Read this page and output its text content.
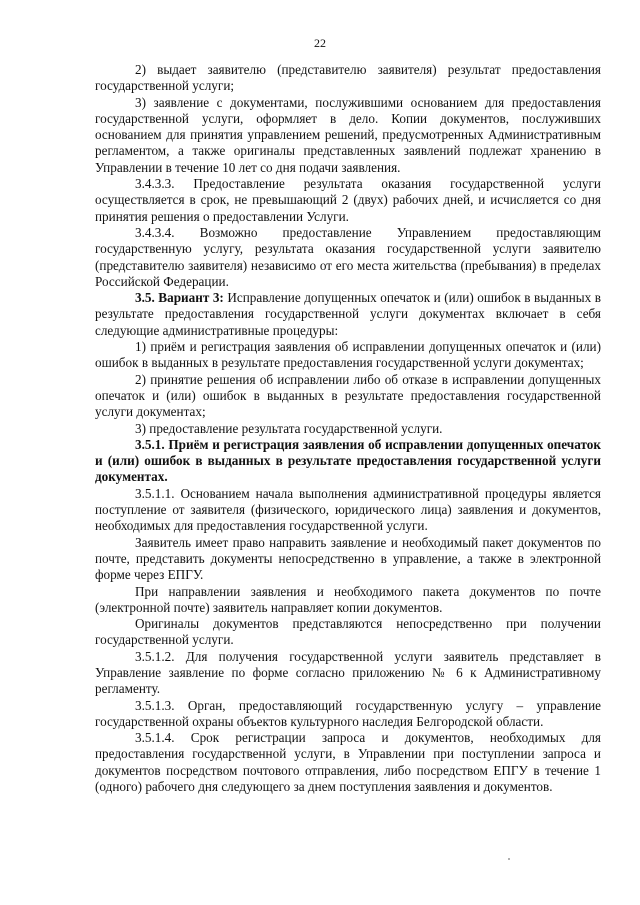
22

2) выдает заявителю (представителю заявителя) результат предоставления государственной услуги;

3) заявление с документами, послужившими основанием для предоставления государственной услуги, оформляет в дело. Копии документов, послуживших основанием для принятия управлением решений, предусмотренных Административным регламентом, а также оригиналы представленных заявлений подлежат хранению в Управлении в течение 10 лет со дня подачи заявления.

3.4.3.3. Предоставление результата оказания государственной услуги осуществляется в срок, не превышающий 2 (двух) рабочих дней, и исчисляется со дня принятия решения о предоставлении Услуги.

3.4.3.4. Возможно предоставление Управлением предоставляющим государственную услугу, результата оказания государственной услуги заявителю (представителю заявителя) независимо от его места жительства (пребывания) в пределах Российской Федерации.

3.5. Вариант 3: Исправление допущенных опечаток и (или) ошибок в выданных в результате предоставления государственной услуги документах включает в себя следующие административные процедуры:

1) приём и регистрация заявления об исправлении допущенных опечаток и (или) ошибок в выданных в результате предоставления государственной услуги документах;

2) принятие решения об исправлении либо об отказе в исправлении допущенных опечаток и (или) ошибок в выданных в результате предоставления государственной услуги документах;

3) предоставление результата государственной услуги.

3.5.1. Приём и регистрация заявления об исправлении допущенных опечаток и (или) ошибок в выданных в результате предоставления государственной услуги документах.

3.5.1.1. Основанием начала выполнения административной процедуры является поступление от заявителя (физического, юридического лица) заявления и документов, необходимых для предоставления государственной услуги.

Заявитель имеет право направить заявление и необходимый пакет документов по почте, представить документы непосредственно в управление, а также в электронной форме через ЕПГУ.

При направлении заявления и необходимого пакета документов по почте (электронной почте) заявитель направляет копии документов.

Оригиналы документов представляются непосредственно при получении государственной услуги.

3.5.1.2. Для получения государственной услуги заявитель представляет в Управление заявление по форме согласно приложению № 6 к Административному регламенту.

3.5.1.3. Орган, предоставляющий государственную услугу – управление государственной охраны объектов культурного наследия Белгородской области.

3.5.1.4. Срок регистрации запроса и документов, необходимых для предоставления государственной услуги, в Управлении при поступлении запроса и документов посредством почтового отправления, либо посредством ЕПГУ в течение 1 (одного) рабочего дня следующего за днем поступления заявления и документов.
